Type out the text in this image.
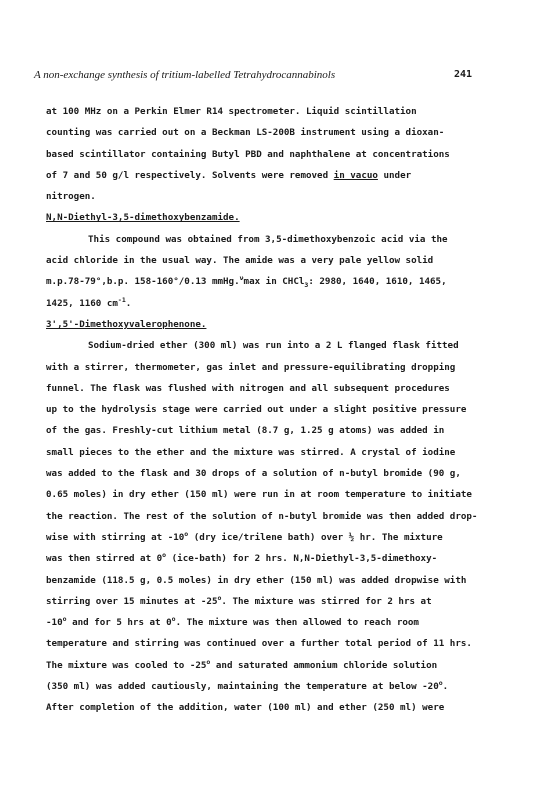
A non-exchange synthesis of tritium-labelled Tetrahydrocannabinols	241
at 100 MHz on a Perkin Elmer R14 spectrometer. Liquid scintillation
counting was carried out on a Beckman LS-200B instrument using a dioxan-
based scintillator containing Butyl PBD and naphthalene at concentrations
of 7 and 50 g/l respectively. Solvents were removed in vacuo under
nitrogen.
N,N-Diethyl-3,5-dimethoxybenzamide.
This compound was obtained from 3,5-dimethoxybenzoic acid via the
acid chloride in the usual way. The amide was a very pale yellow solid
m.p.78-79°,b.p. 158-160°/0.13 mmHg.$^\nu$max in CHCl$_3$: 2980, 1640, 1610, 1465,
1425, 1160 $cm^{-1}$.
3',5'-Dimethoxyvalerophenone.
Sodium-dried ether (300 ml) was run into a 2 L flanged flask fitted
with a stirrer, thermometer, gas inlet and pressure-equilibrating dropping
funnel. The flask was flushed with nitrogen and all subsequent procedures
up to the hydrolysis stage were carried out under a slight positive pressure
of the gas. Freshly-cut lithium metal (8.7 g, 1.25 g atoms) was added in
small pieces to the ether and the mixture was stirred. A crystal of iodine
was added to the flask and 30 drops of a solution of n-butyl bromide (90 g,
0.65 moles) in dry ether (150 ml) were run in at room temperature to initiate
the reaction. The rest of the solution of n-butyl bromide was then added drop-
wise with stirring at -10$^o$ (dry ice/trilene bath) over ½ hr. The mixture
was then stirred at 0$^o$ (ice-bath) for 2 hrs. N,N-Diethyl-3,5-dimethoxy-
benzamide (118.5 g, 0.5 moles) in dry ether (150 ml) was added dropwise with
stirring over 15 minutes at -25$^o$. The mixture was stirred for 2 hrs at
-10$^o$ and for 5 hrs at 0$^o$. The mixture was then allowed to reach room
temperature and stirring was continued over a further total period of 11 hrs.
The mixture was cooled to -25$^o$ and saturated ammonium chloride solution
(350 ml) was added cautiously, maintaining the temperature at below -20$^o$.
After completion of the addition, water (100 ml) and ether (250 ml) were
